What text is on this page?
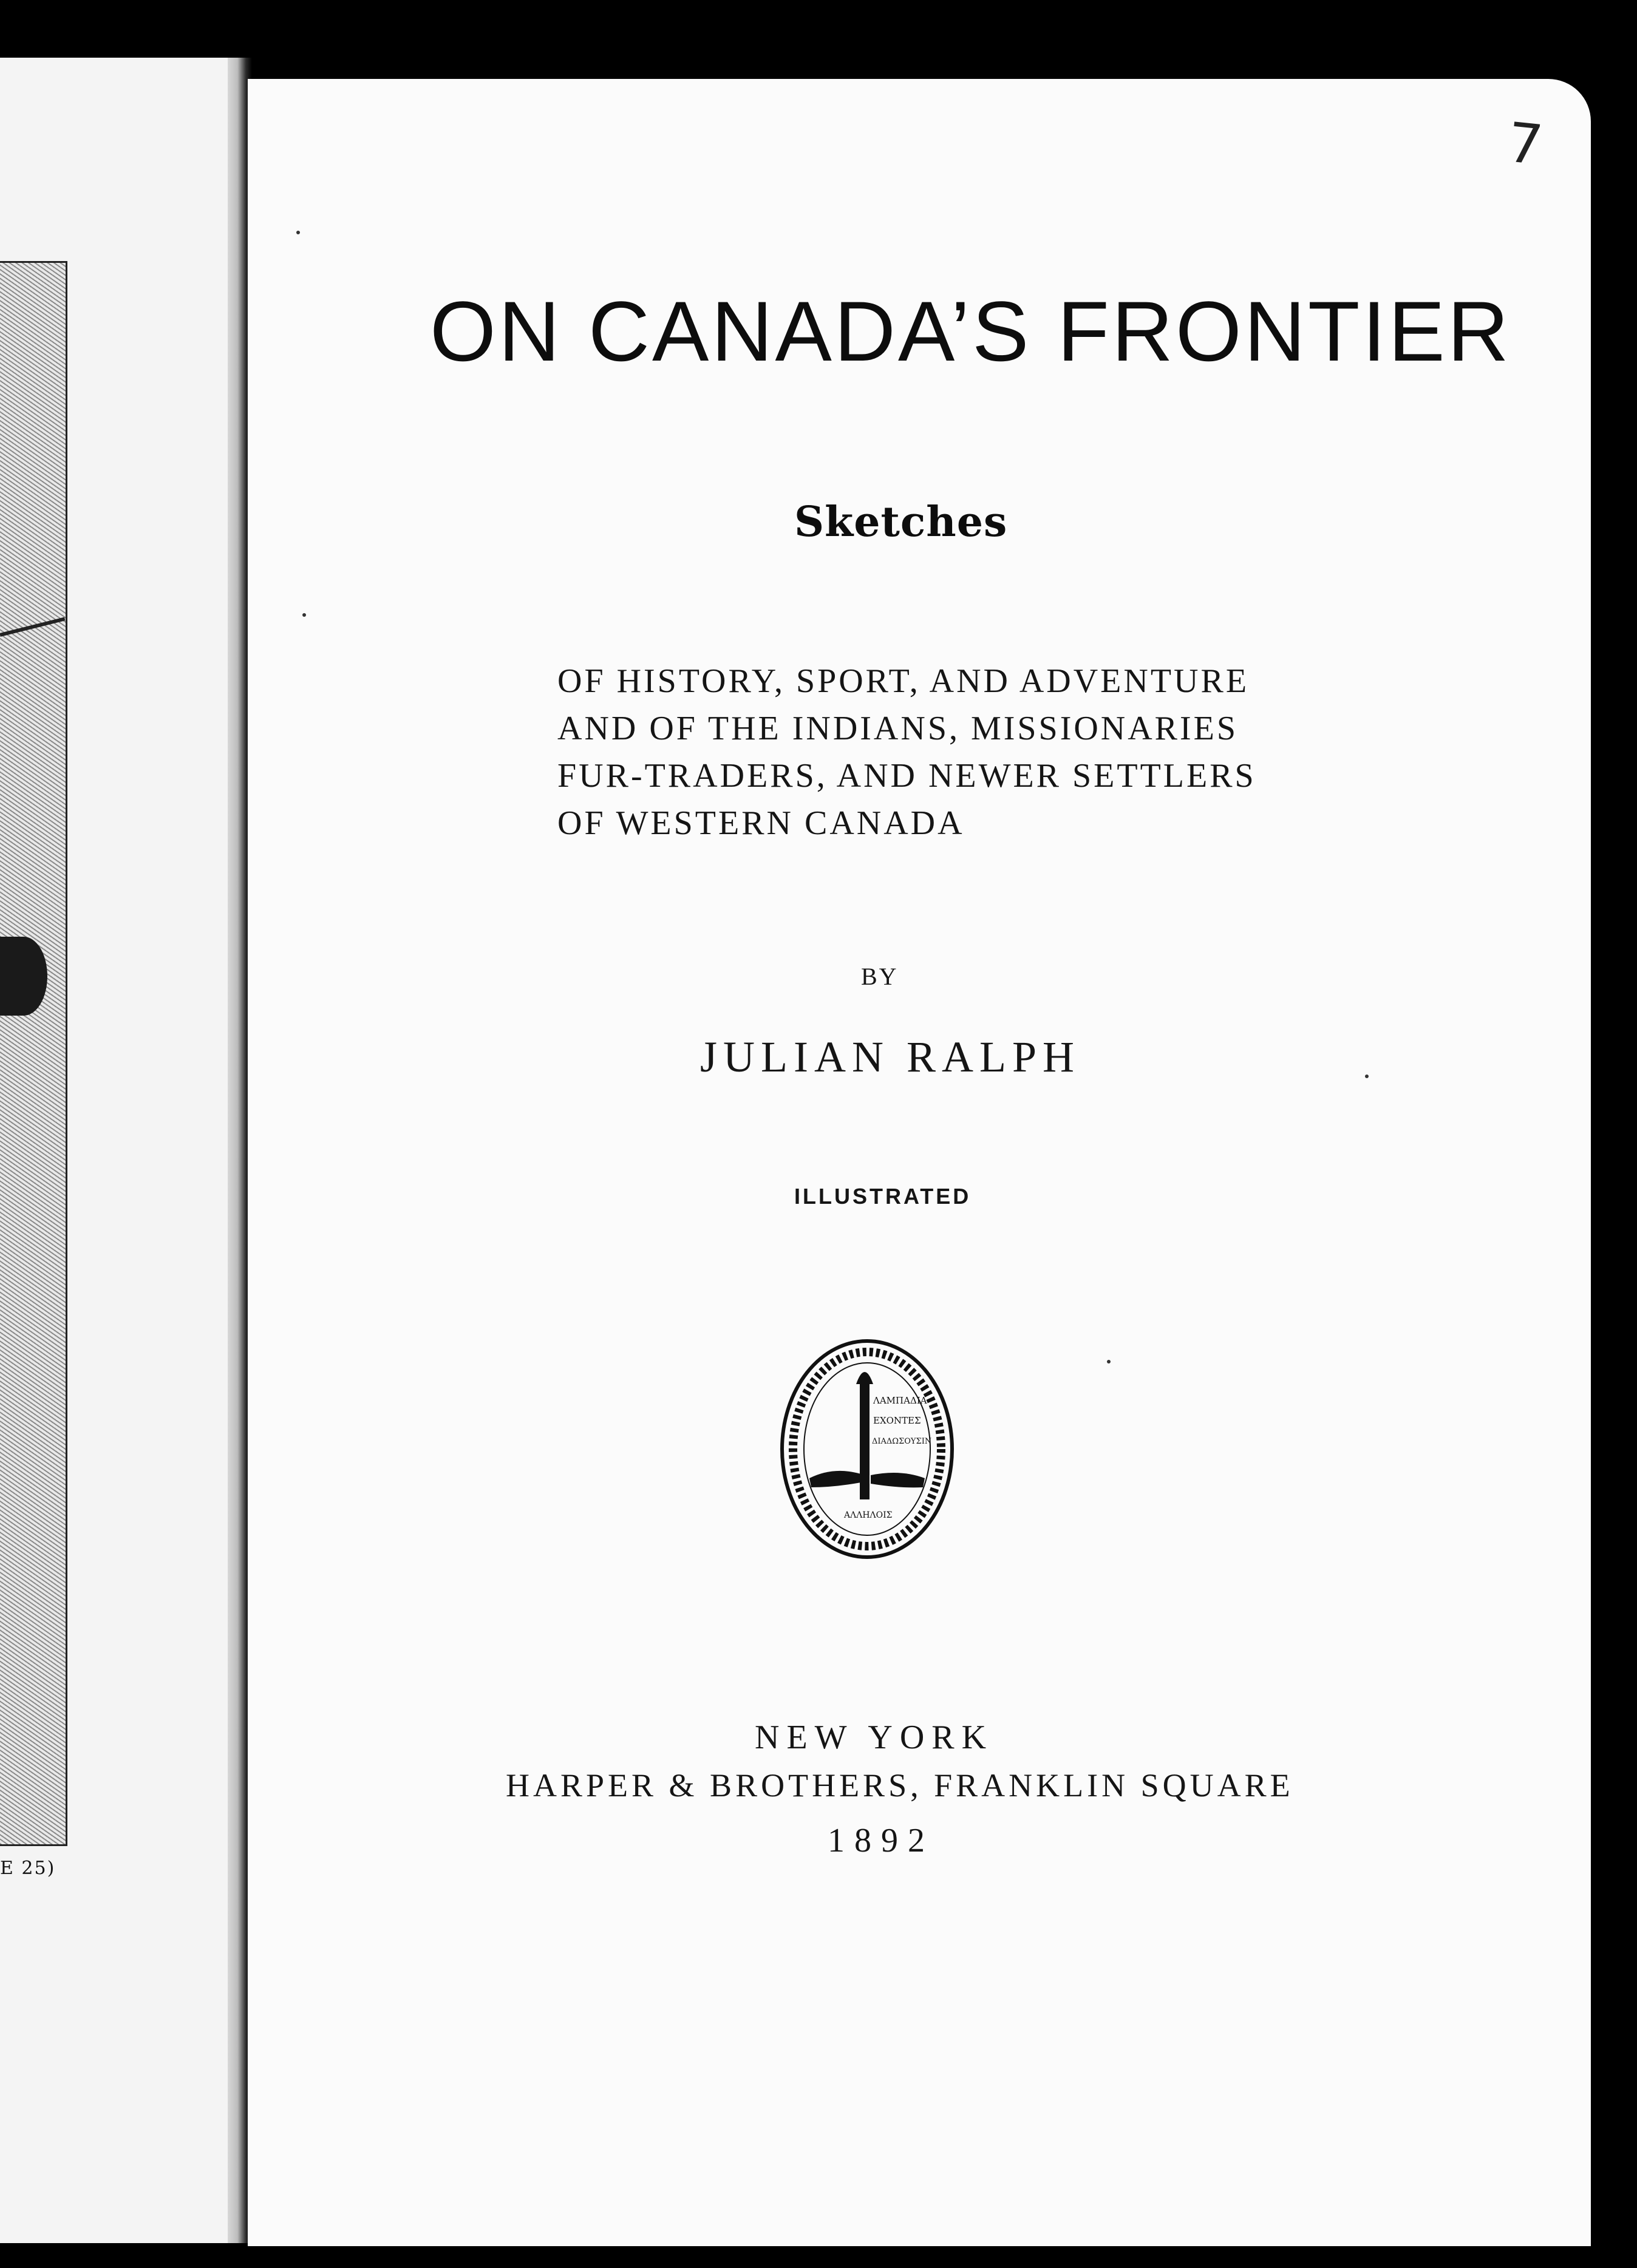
E 25)
7
ON CANADA’S FRONTIER
Sketches
OF HISTORY, SPORT, AND ADVENTURE
AND OF THE INDIANS, MISSIONARIES
FUR-TRADERS, AND NEWER SETTLERS
OF WESTERN CANADA
BY
JULIAN RALPH
ILLUSTRATED
ΛΑΜΠΑΔΙΑ
ΕΧΟΝΤΕΣ
ΔΙΑΔΩΣΟΥΣΙΝ
ΑΛΛΗΛΟΙΣ
NEW YORK
HARPER & BROTHERS, FRANKLIN SQUARE
1892
